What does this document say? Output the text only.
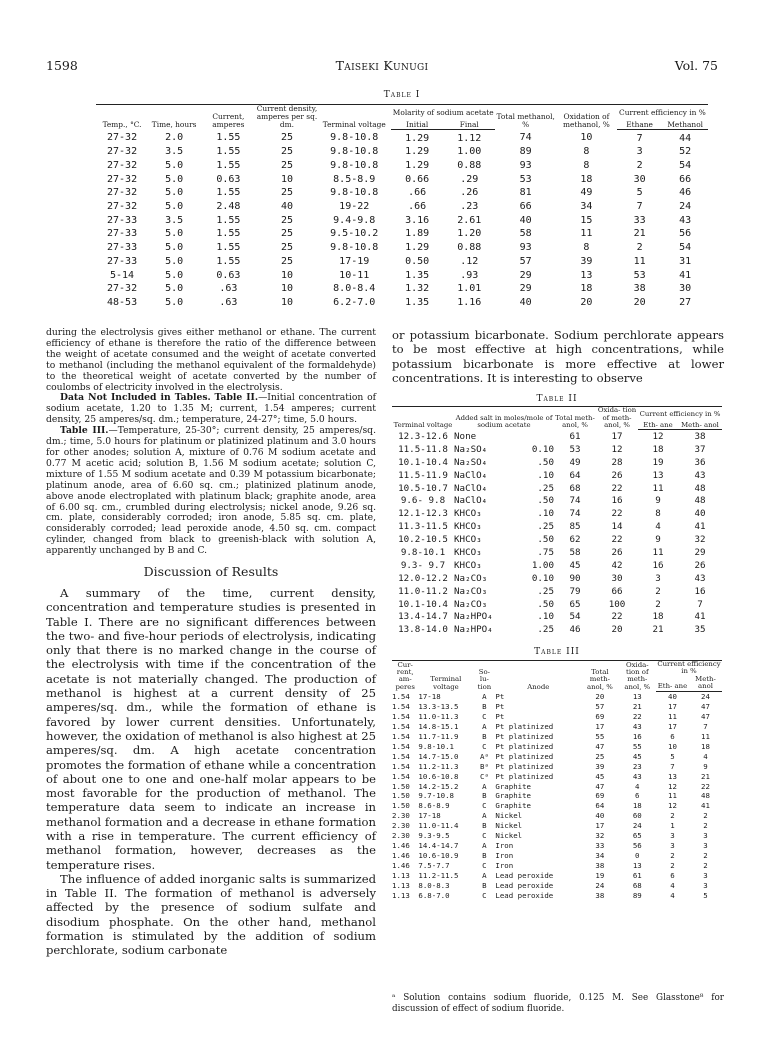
1598	Taiseki Kunugi	Vol. 75
Table I
Temp., °C.	Time, hours	Current, amperes	Current density, amperes per sq. dm.	Terminal voltage	Molarity of sodium acetate		Total methanol, %	Oxidation of methanol, %	Current efficiency in %	
					Initial	Final			Ethane	Methanol
27-32	2.0	1.55	25	9.8-10.8	1.29	1.12	74	10	7	44
27-32	3.5	1.55	25	9.8-10.8	1.29	1.00	89	8	3	52
27-32	5.0	1.55	25	9.8-10.8	1.29	0.88	93	8	2	54
27-32	5.0	0.63	10	8.5-8.9	0.66	.29	53	18	30	66
27-32	5.0	1.55	25	9.8-10.8	.66	.26	81	49	5	46
27-32	5.0	2.48	40	19-22	.66	.23	66	34	7	24
27-33	3.5	1.55	25	9.4-9.8	3.16	2.61	40	15	33	43
27-33	5.0	1.55	25	9.5-10.2	1.89	1.20	58	11	21	56
27-33	5.0	1.55	25	9.8-10.8	1.29	0.88	93	8	2	54
27-33	5.0	1.55	25	17-19	0.50	.12	57	39	11	31
5-14	5.0	0.63	10	10-11	1.35	.93	29	13	53	41
27-32	5.0	.63	10	8.0-8.4	1.32	1.01	29	18	38	30
48-53	5.0	.63	10	6.2-7.0	1.35	1.16	40	20	20	27

during the electrolysis gives either methanol or ethane. The current efficiency of ethane is therefore the ratio of the difference between the weight of acetate consumed and the weight of acetate converted to methanol (including the methanol equivalent of the formaldehyde) to the theoretical weight of acetate converted by the number of coulombs of electricity involved in the electrolysis.

Data Not Included in Tables. Table II.—Initial concentration of sodium acetate, 1.20 to 1.35 M; current, 1.54 amperes; current density, 25 amperes/sq. dm.; temperature, 24-27°; time, 5.0 hours.

Table III.—Temperature, 25-30°; current density, 25 amperes/sq. dm.; time, 5.0 hours for platinum or platinized platinum and 3.0 hours for other anodes; solution A, mixture of 0.76 M sodium acetate and 0.77 M acetic acid; solution B, 1.56 M sodium acetate; solution C, mixture of 1.55 M sodium acetate and 0.39 M potassium bicarbonate; platinum anode, area of 6.60 sq. cm.; platinized platinum anode, above anode electroplated with platinum black; graphite anode, area of 6.00 sq. cm., crumbled during electrolysis; nickel anode, 9.26 sq. cm. plate, considerably corroded; iron anode, 5.85 sq. cm. plate, considerably corroded; lead peroxide anode, 4.50 sq. cm. compact cylinder, changed from black to greenish-black with solution A, apparently unchanged by B and C.

Discussion of Results

A summary of the time, current density, concentration and temperature studies is presented in Table I. There are no significant differences between the two- and five-hour periods of electrolysis, indicating only that there is no marked change in the course of the electrolysis with time if the concentration of the acetate is not materially changed. The production of methanol is highest at a current density of 25 amperes/sq. dm., while the formation of ethane is favored by lower current densities. Unfortunately, however, the oxidation of methanol is also highest at 25 amperes/sq. dm. A high acetate concentration promotes the formation of ethane while a concentration of about one to one and one-half molar appears to be most favorable for the production of methanol. The temperature data seem to indicate an increase in methanol formation and a decrease in ethane formation with a rise in temperature. The current efficiency of methanol formation, however, decreases as the temperature rises.

The influence of added inorganic salts is summarized in Table II. The formation of methanol is adversely affected by the presence of sodium sulfate and disodium phosphate. On the other hand, methanol formation is stimulated by the addition of sodium perchlorate, sodium carbonate

or potassium bicarbonate. Sodium perchlorate appears to be most effective at high concentrations, while potassium bicarbonate is more effective at lower concentrations. It is interesting to observe
Table II
Terminal voltage	Added salt in moles/mole of sodium acetate		Total meth- anol, %	Oxida- tion of meth- anol, %	Current efficiency in %	
					Eth- ane	Meth- anol
12.3-12.6	None		61	17	12	38
11.5-11.8	Na₂SO₄	0.10	53	12	18	37
10.1-10.4	Na₂SO₄	.50	49	28	19	36
11.5-11.9	NaClO₄	.10	64	26	13	43
10.5-10.7	NaClO₄	.25	68	22	11	48
9.6- 9.8	NaClO₄	.50	74	16	9	48
12.1-12.3	KHCO₃	.10	74	22	8	40
11.3-11.5	KHCO₃	.25	85	14	4	41
10.2-10.5	KHCO₃	.50	62	22	9	32
9.8-10.1	KHCO₃	.75	58	26	11	29
9.3- 9.7	KHCO₃	1.00	45	42	16	26
12.0-12.2	Na₂CO₃	0.10	90	30	3	43
11.0-11.2	Na₂CO₃	.25	79	66	2	16
10.1-10.4	Na₂CO₃	.50	65	100	2	7
13.4-14.7	Na₂HPO₄	.10	54	22	18	41
13.8-14.0	Na₂HPO₄	.25	46	20	21	35
Table III
Cur- rent, am- peres	Terminal voltage	So- lu- tion	Anode	Total meth- anol, %	Oxida- tion of meth- anol, %	Current efficiency in %	
						Eth- ane	Meth- anol
1.54	17-18	A	Pt	20	13	40	24
1.54	13.3-13.5	B	Pt	57	21	17	47
1.54	11.0-11.3	C	Pt	69	22	11	47
1.54	14.8-15.1	A	Pt platinized	17	43	17	7
1.54	11.7-11.9	B	Pt platinized	55	16	6	11
1.54	9.8-10.1	C	Pt platinized	47	55	10	18
1.54	14.7-15.0	Aᵃ	Pt platinized	25	45	5	4
1.54	11.2-11.3	Bᵃ	Pt platinized	39	23	7	9
1.54	10.6-10.8	Cᵃ	Pt platinized	45	43	13	21
1.50	14.2-15.2	A	Graphite	47	4	12	22
1.50	9.7-10.8	B	Graphite	69	6	11	48
1.50	8.6-8.9	C	Graphite	64	18	12	41
2.30	17-18	A	Nickel	40	60	2	2
2.30	11.0-11.4	B	Nickel	17	24	1	2
2.30	9.3-9.5	C	Nickel	32	65	3	3
1.46	14.4-14.7	A	Iron	33	56	3	3
1.46	10.6-10.9	B	Iron	34	0	2	2
1.46	7.5-7.7	C	Iron	38	13	2	2
1.13	11.2-11.5	A	Lead peroxide	19	61	6	3
1.13	8.0-8.3	B	Lead peroxide	24	68	4	3
1.13	6.8-7.0	C	Lead peroxide	38	89	4	5
ᵃ Solution contains sodium fluoride, 0.125 M. See Glasstone⁸ for discussion of effect of sodium fluoride.
